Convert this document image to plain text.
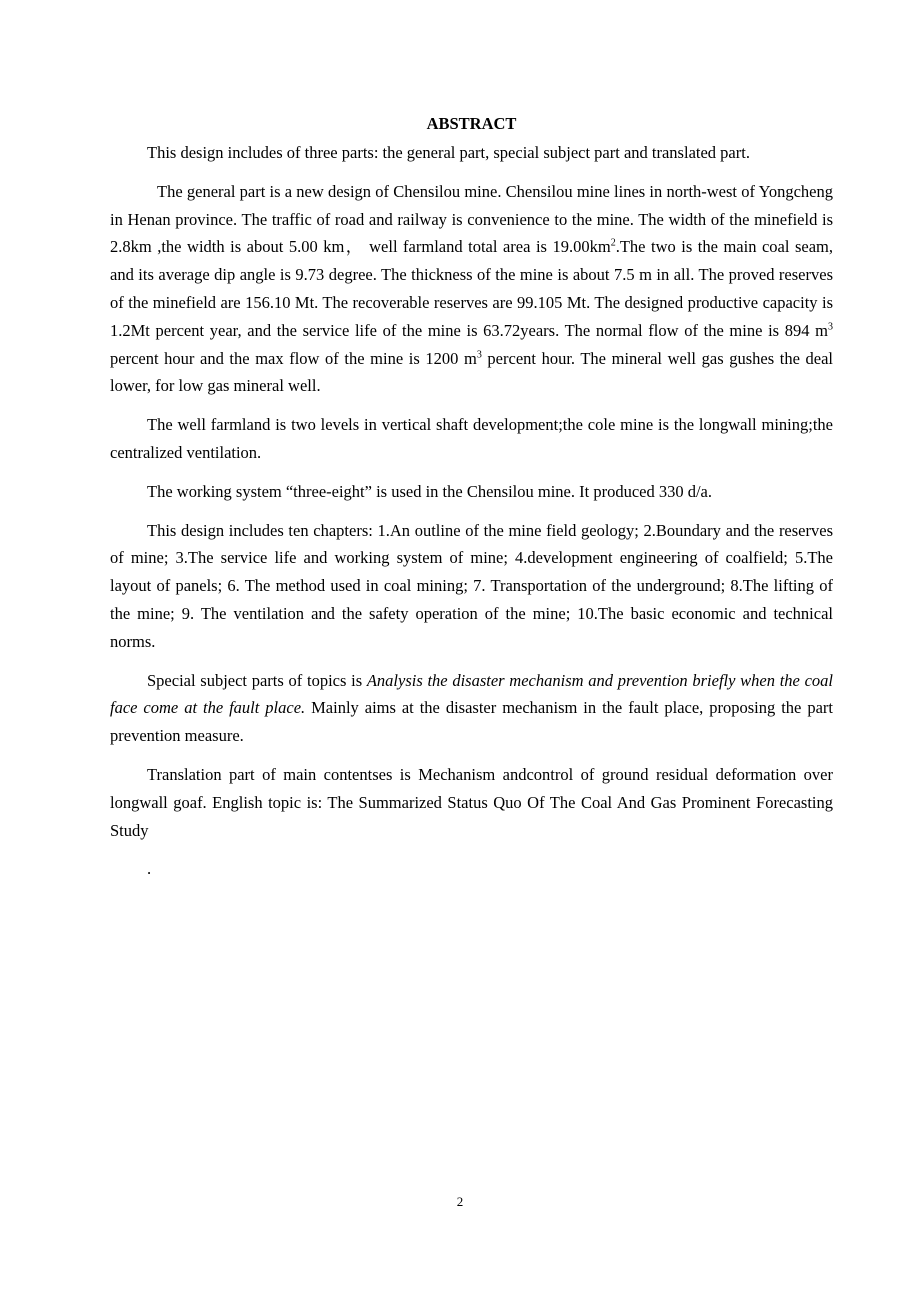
ABSTRACT

This design includes of three parts: the general part, special subject part and translated part.

The general part is a new design of Chensilou mine. Chensilou mine lines in north-west of Yongcheng in Henan province. The traffic of road and railway is convenience to the mine. The width of the minefield is 2.8km ,the width is about 5.00 km， well farmland total area is $19.00km^2.The$ two is the main coal seam, and its average dip angle is 9.73 degree. The thickness of the mine is about 7.5 m in all. The proved reserves of the minefield are 156.10 Mt. The recoverable reserves are 99.105 Mt. The designed productive capacity is 1.2Mt percent year, and the service life of the mine is 63.72years. The normal flow of the mine is 894 $m^3$ percent hour and the max flow of the mine is 1200 $m^3$ percent hour. The mineral well gas gushes the deal lower, for low gas mineral well.

The well farmland is two levels in vertical shaft development;the cole mine is the longwall mining;the centralized ventilation.

The working system “three-eight” is used in the Chensilou mine. It produced 330 d/a.

This design includes ten chapters: 1.An outline of the mine field geology; 2.Boundary and the reserves of mine; 3.The service life and working system of mine; 4.development engineering of coalfield; 5.The layout of panels; 6. The method used in coal mining; 7. Transportation of the underground; 8.The lifting of the mine; 9. The ventilation and the safety operation of the mine; 10.The basic economic and technical norms.

Special subject parts of topics is Analysis the disaster mechanism and prevention briefly when the coal face come at the fault place. Mainly aims at the disaster mechanism in the fault place, proposing the part prevention measure.

Translation part of main contentses is Mechanism andcontrol of ground residual deformation over longwall goaf. English topic is: The Summarized Status Quo Of The Coal And Gas Prominent Forecasting Study

.
2
